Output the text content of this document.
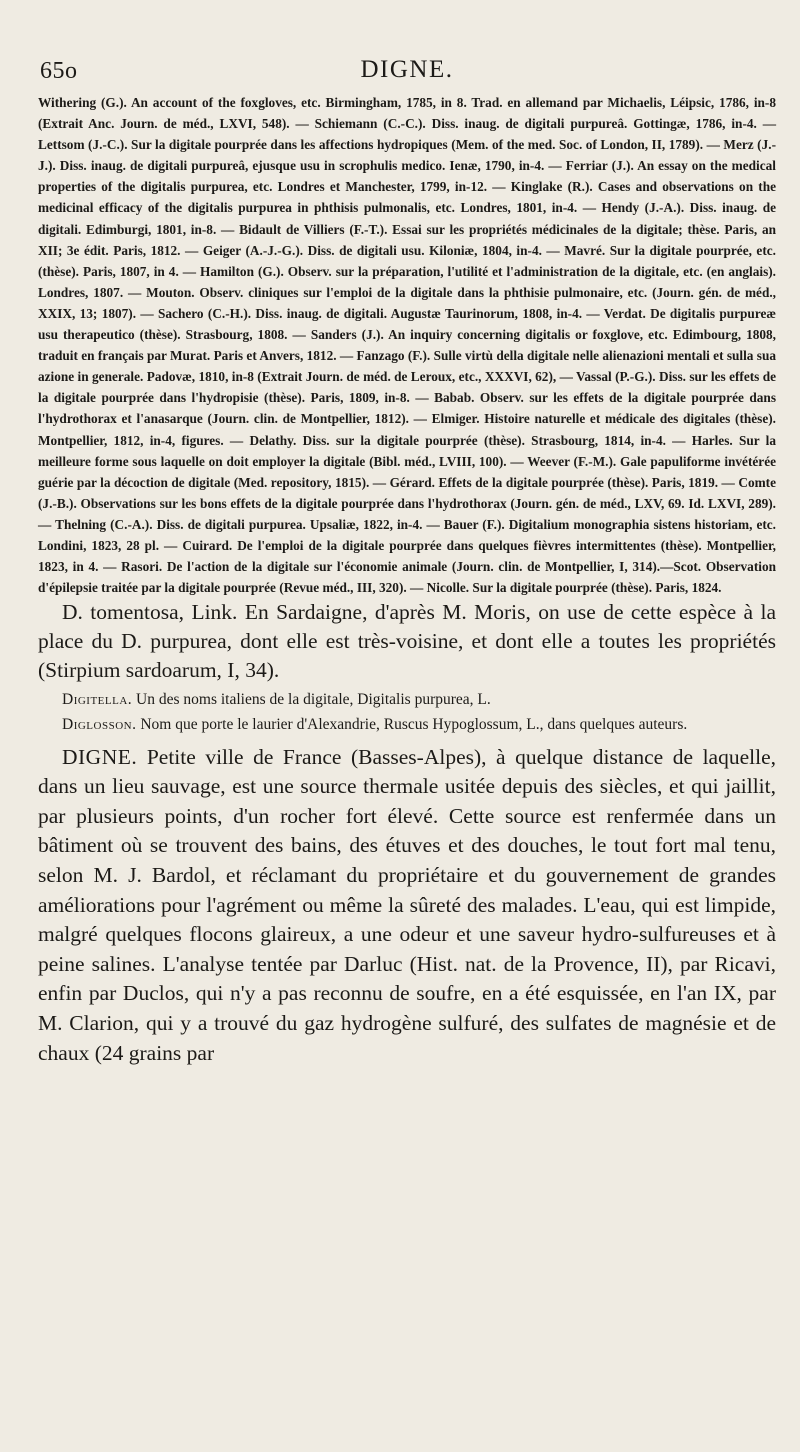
65o	DIGNE.

Withering (G.). An account of the foxgloves, etc. Birmingham, 1785, in 8. Trad. en allemand par Michaelis, Léipsic, 1786, in-8 (Extrait Anc. Journ. de méd., LXVI, 548). — Schiemann (C.-C.). Diss. inaug. de digitali purpureâ. Gottingæ, 1786, in-4. — Lettsom (J.-C.). Sur la digitale pourprée dans les affections hydropiques (Mem. of the med. Soc. of London, II, 1789). — Merz (J.-J.). Diss. inaug. de digitali purpureâ, ejusque usu in scrophulis medico. Ienæ, 1790, in-4. — Ferriar (J.). An essay on the medical properties of the digitalis purpurea, etc. Londres et Manchester, 1799, in-12. — Kinglake (R.). Cases and observations on the medicinal efficacy of the digitalis purpurea in phthisis pulmonalis, etc. Londres, 1801, in-4. — Hendy (J.-A.). Diss. inaug. de digitali. Edimburgi, 1801, in-8. — Bidault de Villiers (F.-T.). Essai sur les propriétés médicinales de la digitale; thèse. Paris, an XII; 3e édit. Paris, 1812. — Geiger (A.-J.-G.). Diss. de digitali usu. Kiloniæ, 1804, in-4. — Mavré. Sur la digitale pourprée, etc. (thèse). Paris, 1807, in 4. — Hamilton (G.). Observ. sur la préparation, l'utilité et l'administration de la digitale, etc. (en anglais). Londres, 1807. — Mouton. Observ. cliniques sur l'emploi de la digitale dans la phthisie pulmonaire, etc. (Journ. gén. de méd., XXIX, 13; 1807). — Sachero (C.-H.). Diss. inaug. de digitali. Augustæ Taurinorum, 1808, in-4. — Verdat. De digitalis purpureæ usu therapeutico (thèse). Strasbourg, 1808. — Sanders (J.). An inquiry concerning digitalis or foxglove, etc. Edimbourg, 1808, traduit en français par Murat. Paris et Anvers, 1812. — Fanzago (F.). Sulle virtù della digitale nelle alienazioni mentali et sulla sua azione in generale. Padovæ, 1810, in-8 (Extrait Journ. de méd. de Leroux, etc., XXXVI, 62), — Vassal (P.-G.). Diss. sur les effets de la digitale pourprée dans l'hydropisie (thèse). Paris, 1809, in-8. — Babab. Observ. sur les effets de la digitale pourprée dans l'hydrothorax et l'anasarque (Journ. clin. de Montpellier, 1812). — Elmiger. Histoire naturelle et médicale des digitales (thèse). Montpellier, 1812, in-4, figures. — Delathy. Diss. sur la digitale pourprée (thèse). Strasbourg, 1814, in-4. — Harles. Sur la meilleure forme sous laquelle on doit employer la digitale (Bibl. méd., LVIII, 100). — Weever (F.-M.). Gale papuliforme invétérée guérie par la décoction de digitale (Med. repository, 1815). — Gérard. Effets de la digitale pourprée (thèse). Paris, 1819. — Comte (J.-B.). Observations sur les bons effets de la digitale pourprée dans l'hydrothorax (Journ. gén. de méd., LXV, 69. Id. LXVI, 289). — Thelning (C.-A.). Diss. de digitali purpurea. Upsaliæ, 1822, in-4. — Bauer (F.). Digitalium monographia sistens historiam, etc. Londini, 1823, 28 pl. — Cuirard. De l'emploi de la digitale pourprée dans quelques fièvres intermittentes (thèse). Montpellier, 1823, in 4. — Rasori. De l'action de la digitale sur l'économie animale (Journ. clin. de Montpellier, I, 314).—Scot. Observation d'épilepsie traitée par la digitale pourprée (Revue méd., III, 320). — Nicolle. Sur la digitale pourprée (thèse). Paris, 1824.

D. tomentosa, Link. En Sardaigne, d'après M. Moris, on use de cette espèce à la place du D. purpurea, dont elle est très-voisine, et dont elle a toutes les propriétés (Stirpium sardoarum, I, 34).

Digitella. Un des noms italiens de la digitale, Digitalis purpurea, L.

Diglosson. Nom que porte le laurier d'Alexandrie, Ruscus Hypoglossum, L., dans quelques auteurs.

DIGNE. Petite ville de France (Basses-Alpes), à quelque distance de laquelle, dans un lieu sauvage, est une source thermale usitée depuis des siècles, et qui jaillit, par plusieurs points, d'un rocher fort élevé. Cette source est renfermée dans un bâtiment où se trouvent des bains, des étuves et des douches, le tout fort mal tenu, selon M. J. Bardol, et réclamant du propriétaire et du gouvernement de grandes améliorations pour l'agrément ou même la sûreté des malades. L'eau, qui est limpide, malgré quelques flocons glaireux, a une odeur et une saveur hydro-sulfureuses et à peine salines. L'analyse tentée par Darluc (Hist. nat. de la Provence, II), par Ricavi, enfin par Duclos, qui n'y a pas reconnu de soufre, en a été esquissée, en l'an IX, par M. Clarion, qui y a trouvé du gaz hydrogène sulfuré, des sulfates de magnésie et de chaux (24 grains par
